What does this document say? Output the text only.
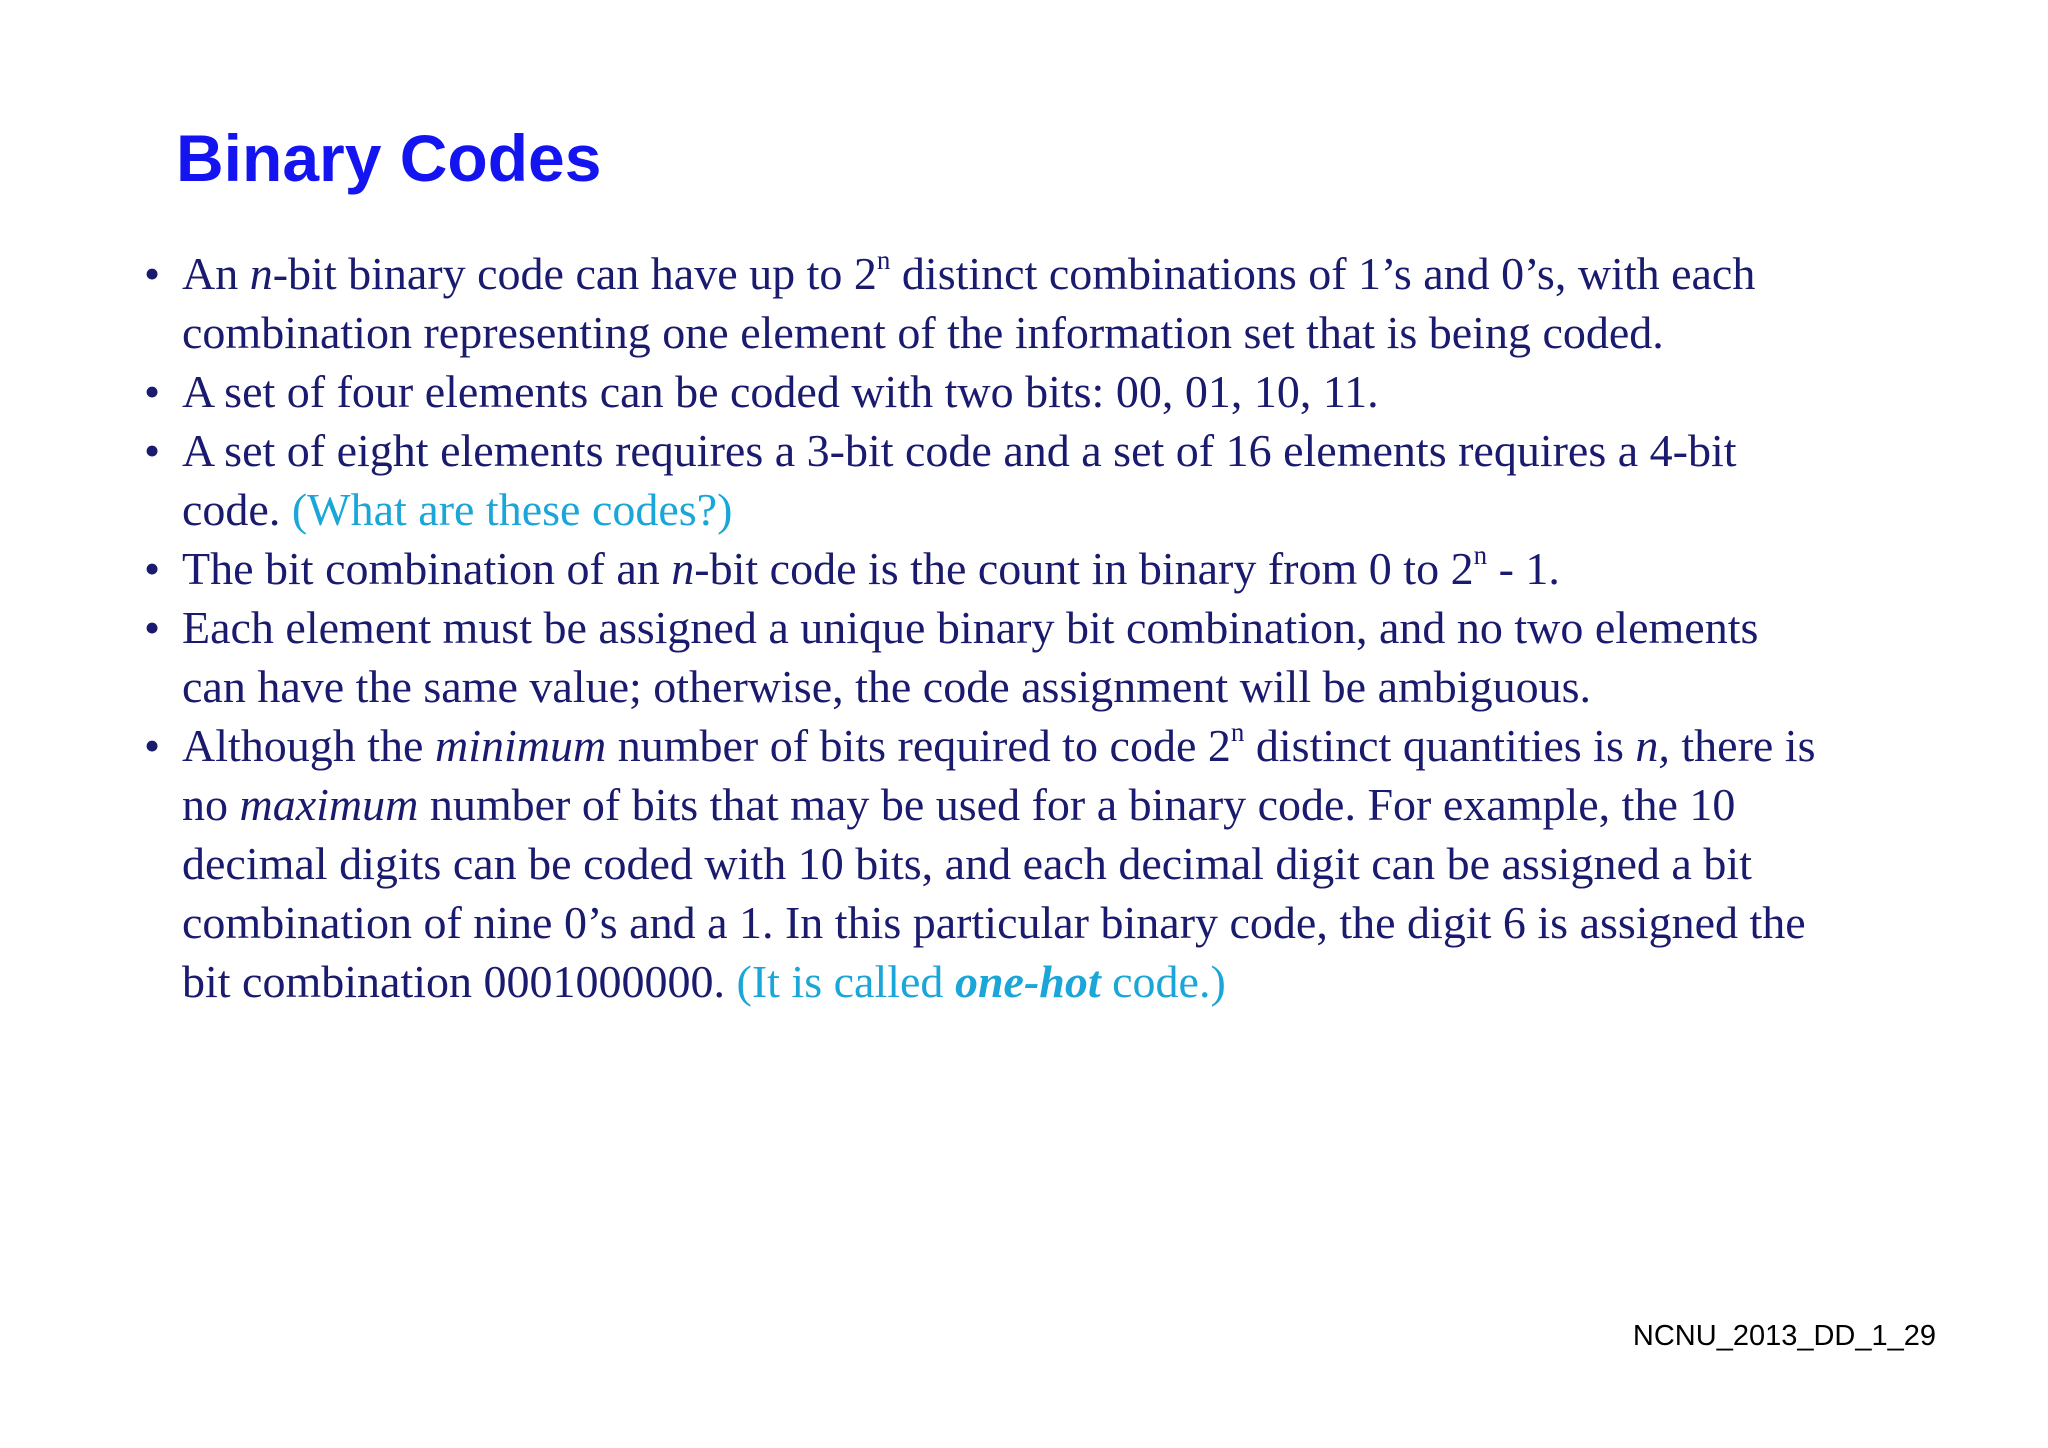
Binary Codes
• An n-bit binary code can have up to 2$^n$ distinct combinations of 1’s and 0’s, with each
combination representing one element of the information set that is being coded.
• A set of four elements can be coded with two bits: 00, 01, 10, 11.
• A set of eight elements requires a 3-bit code and a set of 16 elements requires a 4-bit
code. (What are these codes?)
• The bit combination of an n-bit code is the count in binary from 0 to 2$^n$ - 1.
• Each element must be assigned a unique binary bit combination, and no two elements
can have the same value; otherwise, the code assignment will be ambiguous.
• Although the minimum number of bits required to code 2$^n$ distinct quantities is n, there is
no maximum number of bits that may be used for a binary code. For example, the 10
decimal digits can be coded with 10 bits, and each decimal digit can be assigned a bit
combination of nine 0’s and a 1. In this particular binary code, the digit 6 is assigned the
bit combination 0001000000. (It is called one-hot code.)
NCNU_2013_DD_1_29
